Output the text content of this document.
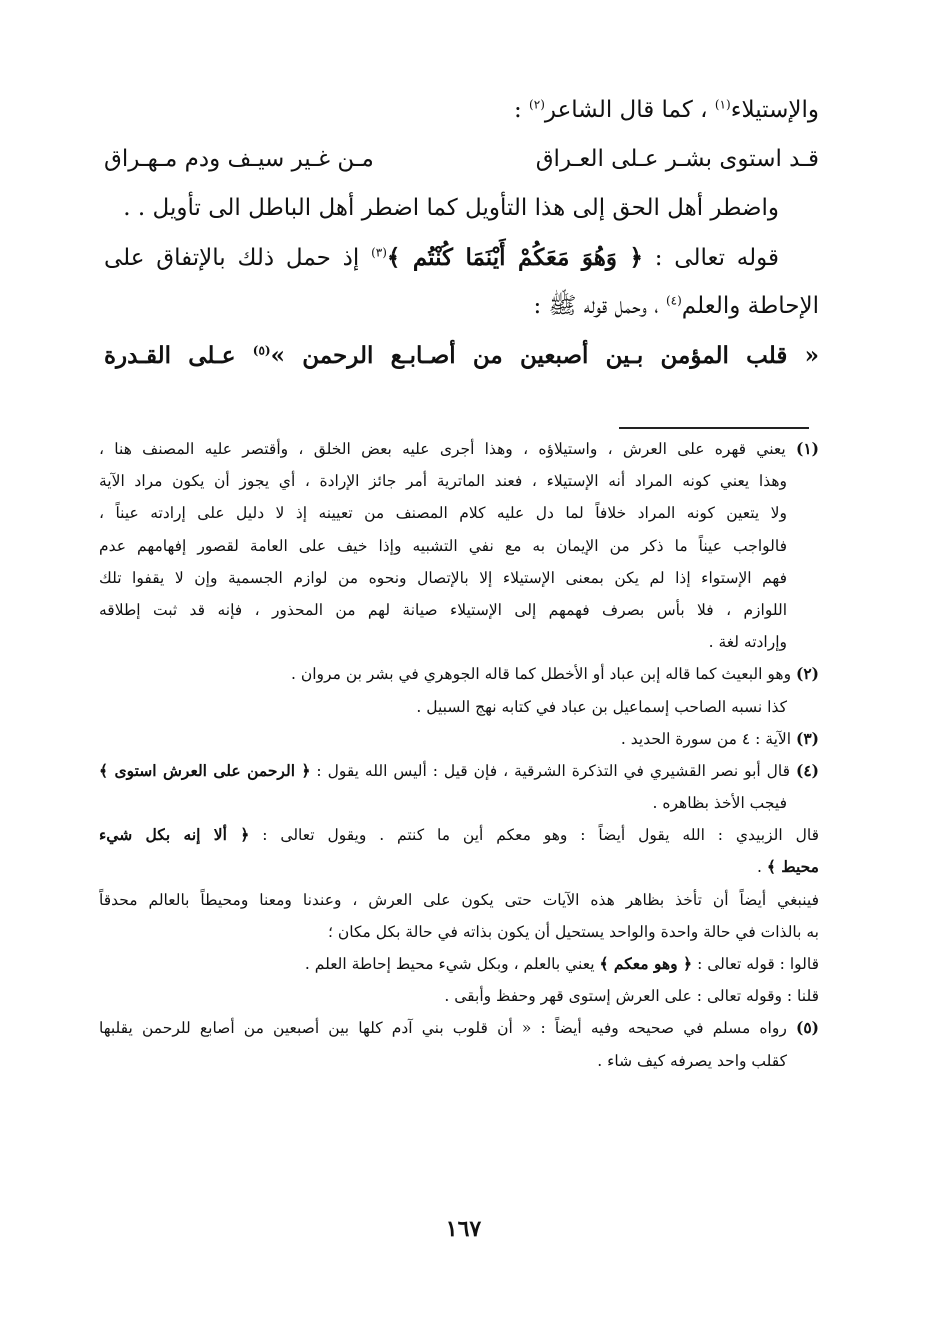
والإستيلاء$^{(١)}$ ، كما قال الشاعر$^{(٢)}$ :
قـد استوى بشـر عـلى العـراق
مـن غـير سيـف ودم مـهـراق
واضطر أهل الحق إلى هذا التأويل كما اضطر أهل الباطل الى تأويل . .
قوله تعالى : ﴿ وَهُوَ مَعَكُمْ أَيْنَمَا كُنْتُم ﴾$^{(٣)}$ إذ حمل ذلك بالإتفاق على
الإحاطة والعلم$^{(٤)}$ ، وحمل قوله ﷺ :
« قلب المؤمن بـين أصبعين من أصـابـع الرحمن »$^{(٥)}$ عـلى القـدرة
(١) يعني قهره على العرش ، واستيلاؤه ، وهذا أجرى عليه بعض الخلق ، وأقتصر عليه المصنف هنا ،
وهذا يعني كونه المراد أنه الإستيلاء ، فعند الماترية أمر جائز الإرادة ، أي يجوز أن يكون مراد الآية
ولا يتعين كونه المراد خلافاً لما دل عليه كلام المصنف من تعيينه إذ لا دليل على إرادته عيناً ،
فالواجب عيناً ما ذكر من الإيمان به مع نفي التشبيه وإذا خيف على العامة لقصور إفهامهم عدم
فهم الإستواء إذا لم يكن بمعنى الإستيلاء إلا بالإتصال ونحوه من لوازم الجسمية وإن لا يقفوا تلك
اللوازم ، فلا بأس بصرف فهمهم إلى الإستيلاء صيانة لهم من المحذور ، فإنه قد ثبت إطلاقه
وإرادته لغة .
(٢) وهو البعيث كما قاله إبن عباد أو الأخطل كما قاله الجوهري في بشر بن مروان .
كذا نسبه الصاحب إسماعيل بن عباد في كتابه نهج السبيل .
(٣) الآية : ٤ من سورة الحديد .
(٤) قال أبو نصر القشيري في التذكرة الشرقية ، فإن قيل : أليس الله يقول : ﴿ الرحمن على العرش استوى ﴾
فيجب الأخذ بظاهره .
قال الزبيدي : الله يقول أيضاً : وهو معكم أين ما كنتم . ويقول تعالى : ﴿ ألا إنه بكل شيء
محيط ﴾ .
فينبغي أيضاً أن تأخذ بظاهر هذه الآيات حتى يكون على العرش ، وعندنا ومعنا ومحيطاً بالعالم محدقاً
به بالذات في حالة واحدة والواحد يستحيل أن يكون بذاته في حالة بكل مكان ؛
قالوا : قوله تعالى : ﴿ وهو معكم ﴾ يعني بالعلم ، وبكل شيء محيط إحاطة العلم .
قلنا : وقوله تعالى : على العرش إستوى قهر وحفظ وأبقى .
(٥) رواه مسلم في صحيحه وفيه أيضاً : « أن قلوب بني آدم كلها بين أصبعين من أصابع للرحمن يقلبها
كقلب واحد يصرفه كيف شاء .
١٦٧
